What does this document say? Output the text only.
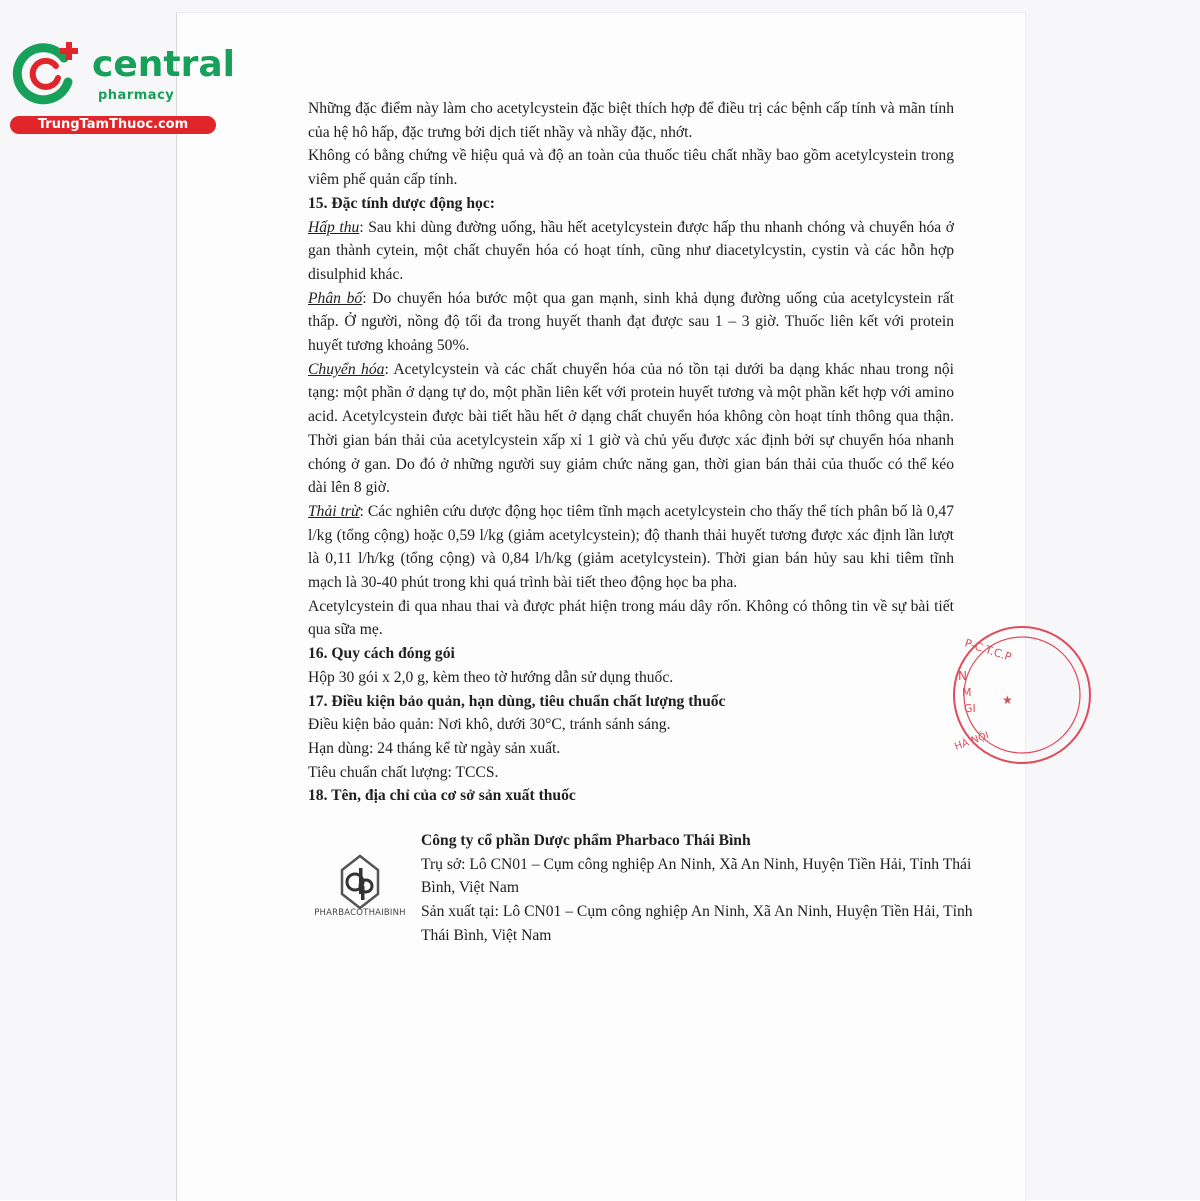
central
pharmacy
TrungTamThuoc.com

Những đặc điểm này làm cho acetylcystein đặc biệt thích hợp để điều trị các bệnh cấp tính và mãn tính của hệ hô hấp, đặc trưng bởi dịch tiết nhầy và nhầy đặc, nhớt.

Không có bằng chứng về hiệu quả và độ an toàn của thuốc tiêu chất nhầy bao gồm acetylcystein trong viêm phế quản cấp tính.

15. Đặc tính dược động học:

Hấp thu: Sau khi dùng đường uống, hầu hết acetylcystein được hấp thu nhanh chóng và chuyển hóa ở gan thành cytein, một chất chuyển hóa có hoạt tính, cũng như diacetylcystin, cystin và các hỗn hợp disulphid khác.

Phân bố: Do chuyển hóa bước một qua gan mạnh, sinh khả dụng đường uống của acetylcystein rất thấp. Ở người, nồng độ tối đa trong huyết thanh đạt được sau 1 – 3 giờ. Thuốc liên kết với protein huyết tương khoảng 50%.

Chuyển hóa: Acetylcystein và các chất chuyển hóa của nó tồn tại dưới ba dạng khác nhau trong nội tạng: một phần ở dạng tự do, một phần liên kết với protein huyết tương và một phần kết hợp với amino acid. Acetylcystein được bài tiết hầu hết ở dạng chất chuyển hóa không còn hoạt tính thông qua thận. Thời gian bán thải của acetylcystein xấp xỉ 1 giờ và chủ yếu được xác định bởi sự chuyển hóa nhanh chóng ở gan. Do đó ở những người suy giảm chức năng gan, thời gian bán thải của thuốc có thể kéo dài lên 8 giờ.

Thải trừ: Các nghiên cứu dược động học tiêm tĩnh mạch acetylcystein cho thấy thể tích phân bố là 0,47 l/kg (tổng cộng) hoặc 0,59 l/kg (giảm acetylcystein); độ thanh thải huyết tương được xác định lần lượt là 0,11 l/h/kg (tổng cộng) và 0,84 l/h/kg (giảm acetylcystein). Thời gian bán hủy sau khi tiêm tĩnh mạch là 30-40 phút trong khi quá trình bài tiết theo động học ba pha.

Acetylcystein đi qua nhau thai và được phát hiện trong máu dây rốn. Không có thông tin về sự bài tiết qua sữa mẹ.

16. Quy cách đóng gói

Hộp 30 gói x 2,0 g, kèm theo tờ hướng dẫn sử dụng thuốc.

17. Điều kiện bảo quản, hạn dùng, tiêu chuẩn chất lượng thuốc

Điều kiện bảo quản: Nơi khô, dưới 30°C, tránh sánh sáng.

Hạn dùng: 24 tháng kể từ ngày sản xuất.

Tiêu chuẩn chất lượng: TCCS.

18. Tên, địa chỉ của cơ sở sản xuất thuốc

PHARBACOTHAIBINH
Công ty cổ phần Dược phẩm Pharbaco Thái Bình
Trụ sở: Lô CN01 – Cụm công nghiệp An Ninh, Xã An Ninh, Huyện Tiền Hải, Tỉnh Thái Bình, Việt Nam
Sản xuất tại: Lô CN01 – Cụm công nghiệp An Ninh, Xã An Ninh, Huyện Tiền Hải, Tỉnh Thái Bình, Việt Nam
P-C.T.C.P
★
N
M
GI
HÀ NỘI
